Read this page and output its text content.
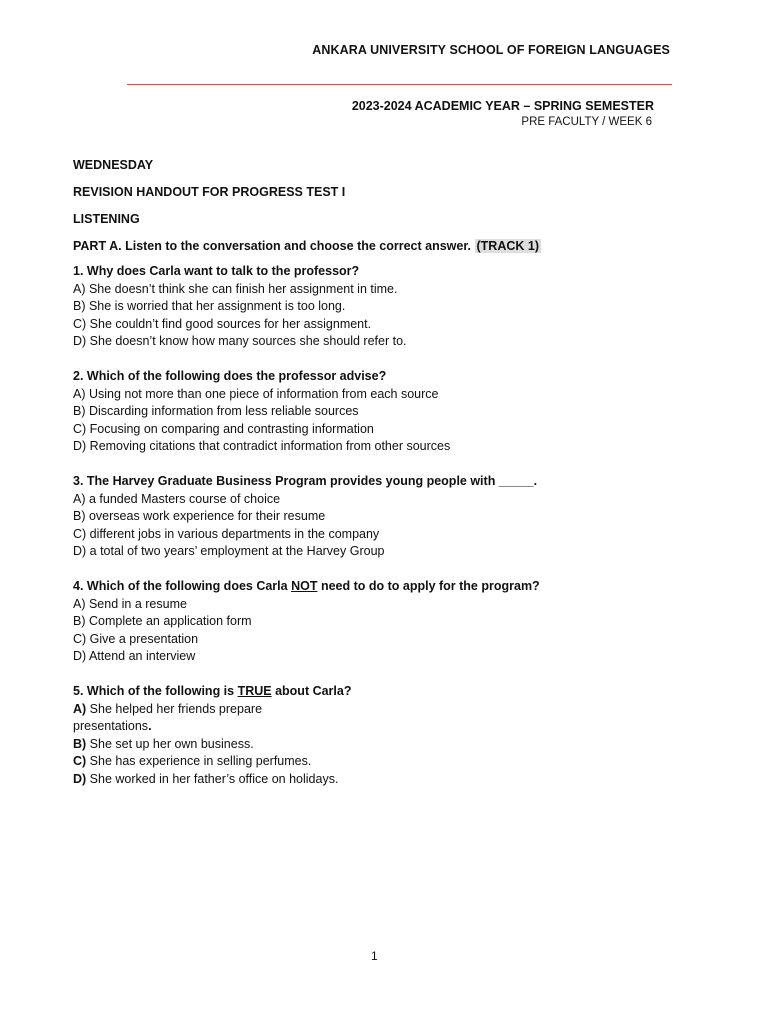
ANKARA UNIVERSITY SCHOOL OF FOREIGN LANGUAGES
2023-2024 ACADEMIC YEAR – SPRING SEMESTER
PRE FACULTY / WEEK 6
WEDNESDAY
REVISION HANDOUT FOR PROGRESS TEST I
LISTENING
PART A. Listen to the conversation and choose the correct answer. (TRACK 1)
1. Why does Carla want to talk to the professor?
A) She doesn’t think she can finish her assignment in time.
B) She is worried that her assignment is too long.
C) She couldn’t find good sources for her assignment.
D) She doesn’t know how many sources she should refer to.
2. Which of the following does the professor advise?
A) Using not more than one piece of information from each source
B) Discarding information from less reliable sources
C) Focusing on comparing and contrasting information
D) Removing citations that contradict information from other sources
3. The Harvey Graduate Business Program provides young people with _____.
A) a funded Masters course of choice
B) overseas work experience for their resume
C) different jobs in various departments in the company
D) a total of two years’ employment at the Harvey Group
4. Which of the following does Carla NOT need to do to apply for the program?
A) Send in a resume
B) Complete an application form
C) Give a presentation
D) Attend an interview
5. Which of the following is TRUE about Carla?
A) She helped her friends prepare
presentations.
B) She set up her own business.
C) She has experience in selling perfumes.
D) She worked in her father’s office on holidays.
1
